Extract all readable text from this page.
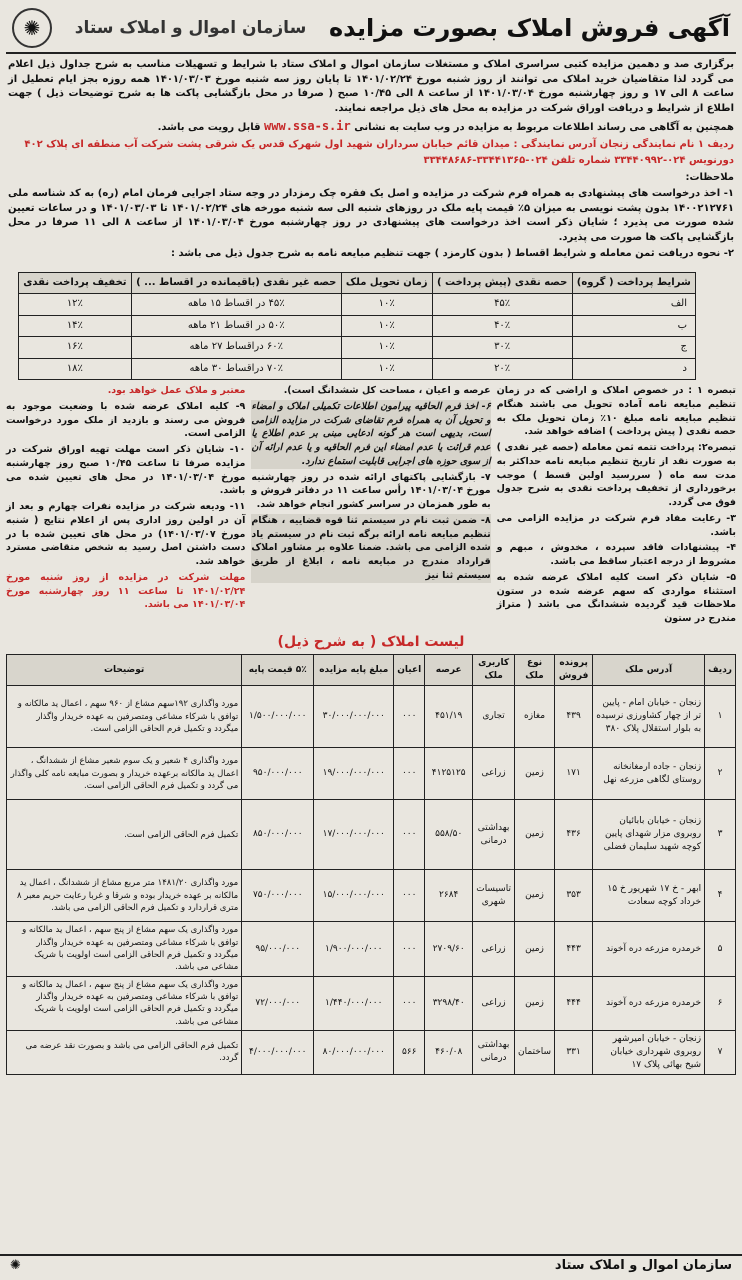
آگهی فروش املاک بصورت مزایده
سازمان اموال و املاک ستاد
✺

برگزاری صد و دهمین مزایده کتبی سراسری املاک و مستغلات سازمان اموال و املاک ستاد با شرایط و تسهیلات مناسب به شرح جداول ذیل اعلام می گردد لذا متقاضیان خرید املاک می توانند از روز شنبه مورخ ۱۴۰۱/۰۲/۲۴ تا پایان روز سه شنبه مورخ ۱۴۰۱/۰۳/۰۳ همه روزه بجز ایام تعطیل از ساعت ۸ الی ۱۷ و روز چهارشنبه مورخ ۱۴۰۱/۰۳/۰۴ از ساعت ۸ الی ۱۰/۴۵ صبح ( صرفا در محل بازگشایی پاکت ها به شرح توضیحات ذیل ) جهت اطلاع از شرایط و دریافت اوراق شرکت در مزایده به محل های ذیل مراجعه نمایند.

همچنین به آگاهی می رساند اطلاعات مربوط به مزایده در وب سایت به نشانی www.ssa-s.ir قابل رویت می باشد.

ردیف ۱ نام نمایندگی زنجان آدرس نمایندگی : میدان قائم خیابان سرداران شهید اول شهرک قدس یک شرقی پشت شرکت آب منطقه ای پلاک ۴۰۲

دورنویس ۰۲۴-۳۳۴۴۰۹۹۲ شماره تلفن ۰۲۴-۳۳۴۴۱۳۶۵-۳۳۴۴۸۶۸۶

ملاحظات:

۱- اخذ درخواست های پیشنهادی به همراه فرم شرکت در مزایده و اصل یک فقره چک رمزدار در وجه ستاد اجرایی فرمان امام (ره) به کد شناسه ملی ۱۴۰۰۲۱۲۷۶۱ بدون پشت نویسی به میزان ۵٪ قیمت پایه ملک در روزهای شنبه الی سه شنبه مورخه های ۱۴۰۱/۰۲/۲۴ تا ۱۴۰۱/۰۳/۰۳ و در ساعات تعیین شده صورت می پذیرد ؛ شایان ذکر است اخذ درخواست های پیشنهادی در روز چهارشنبه مورخ ۱۴۰۱/۰۳/۰۴ از ساعت ۸ الی ۱۱ صرفا در محل بازگشایی پاکت ها صورت می پذیرد.

۲- نحوه دریافت ثمن معامله و شرایط اقساط ( بدون کارمزد ) جهت تنظیم مبایعه نامه به شرح جدول ذیل می باشد :

شرایط پرداخت ( گروه)	حصه نقدی (پیش پرداخت )	زمان تحویل ملک	حصه غیر نقدی (باقیمانده در اقساط ... )	تخفیف پرداخت نقدی
الف	۴۵٪	۱۰٪	۴۵٪ در اقساط ۱۵ ماهه	۱۲٪
ب	۴۰٪	۱۰٪	۵۰٪ در اقساط ۲۱ ماهه	۱۴٪
ج	۳۰٪	۱۰٪	۶۰٪ دراقساط ۲۷ ماهه	۱۶٪
د	۲۰٪	۱۰٪	۷۰٪ دراقساط ۳۰ ماهه	۱۸٪

تبصره ۱ : در خصوص املاک و اراضی که در زمان تنظیم مبایعه نامه آماده تحویل می باشند هنگام تنظیم مبایعه نامه مبلغ ۱۰٪ زمان تحویل ملک به حصه نقدی ( پیش پرداخت ) اضافه خواهد شد.

تبصره۲: پرداخت تتمه ثمن معامله (حصه غیر نقدی ) به صورت نقد از تاریخ تنظیم مبایعه نامه حداکثر به مدت سه ماه ( سررسید اولین قسط ) موجب برخورداری از تخفیف پرداخت نقدی به شرح جدول فوق می گردد.

۳- رعایت مفاد فرم شرکت در مزایده الزامی می باشد.

۴- پیشنهادات فاقد سپرده ، مخدوش ، مبهم و مشروط از درجه اعتبار ساقط می باشد.

۵- شایان ذکر است کلیه املاک عرضه شده به استثناء مواردی که سهم عرضه شده در ستون ملاحظات قید گردیده ششدانگ می باشد ( متراژ مندرج در ستون

عرصه و اعیان ، مساحت کل ششدانگ است).

۶- اخذ فرم الحاقیه پیرامون اطلاعات تکمیلی املاک و امضاء و تحویل آن به همراه فرم تقاضای شرکت در مزایده الزامی است، بدیهی است هر گونه ادعایی مبنی بر عدم اطلاع یا عدم قرائت یا عدم امضاء این فرم الحاقیه و یا عدم ارائه آن از سوی حوزه های اجرایی قابلیت استماع ندارد.

۷- بازگشایی پاکتهای ارائه شده در روز چهارشنبه مورخ ۱۴۰۱/۰۳/۰۴ رأس ساعت ۱۱ در دفاتر فروش و به طور همزمان در سراسر کشور انجام خواهد شد.

۸- ضمن ثبت نام در سیستم ثنا قوه قضاییه ، هنگام تنظیم مبایعه نامه ارائه برگه ثبت نام در سیستم یاد شده الزامی می باشد. ضمنا علاوه بر مشاور املاک قرارداد مندرج در مبایعه نامه ، ابلاغ از طریق سیستم ثنا نیز

معتبر و ملاک عمل خواهد بود.

۹- کلیه املاک عرضه شده با وضعیت موجود به فروش می رسند و بازدید از ملک مورد درخواست الزامی است.

۱۰- شایان ذکر است مهلت تهیه اوراق شرکت در مزایده صرفا تا ساعت ۱۰/۴۵ صبح روز چهارشنبه مورخ ۱۴۰۱/۰۳/۰۴ در محل های تعیین شده می باشد.

۱۱- ودیعه شرکت در مزایده نفرات چهارم و بعد از آن در اولین روز اداری پس از اعلام نتایج ( شنبه مورخ ۱۴۰۱/۰۳/۰۷) در محل های تعیین شده با در دست داشتن اصل رسید به شخص متقاضی مسترد خواهد شد.

مهلت شرکت در مزایده از روز شنبه مورخ ۱۴۰۱/۰۲/۲۴ تا ساعت ۱۱ روز چهارشنبه مورخ ۱۴۰۱/۰۳/۰۴ می باشد.

لیست املاک ( به شرح ذیل)
ردیف	آدرس ملک	پرونده فروش	نوع ملک	کاربری ملک	عرصه	اعیان	مبلغ پایه مزایده	۵٪ قیمت پایه	توضیحات
۱	زنجان - خیابان امام - پایین تر از چهار کشاورزی نرسیده به بلوار استقلال پلاک ۳۸۰	۴۳۹	مغازه	تجاری	۴۵۱/۱۹	۰۰۰	۳۰/۰۰۰/۰۰۰/۰۰۰	۱/۵۰۰/۰۰۰/۰۰۰	مورد واگذاری ۱۹۲سهم مشاع از ۹۶۰ سهم ، اعمال ید مالکانه و توافق با شرکاء مشاعی ومتصرفین به عهده خریدار واگذار میگردد و تکمیل فرم الحاقی الزامی است.
۲	زنجان - جاده ارمغانخانه روستای لگاهی مزرعه نهل	۱۷۱	زمین	زراعی	۴۱۲۵۱۲۵	۰۰۰	۱۹/۰۰۰/۰۰۰/۰۰۰	۹۵۰/۰۰۰/۰۰۰	مورد واگذاری ۴ شعیر و یک سوم شعیر مشاع از ششدانگ ، اعمال ید مالکانه برعهده خریدار و بصورت مبایعه نامه کلی واگذار می گردد و تکمیل فرم الحاقی الزامی است.
۳	زنجان - خیابان بابائیان روبروی مزار شهدای پایین کوچه شهید سلیمان فضلی	۴۳۶	زمین	بهداشتی درمانی	۵۵۸/۵۰	۰۰۰	۱۷/۰۰۰/۰۰۰/۰۰۰	۸۵۰/۰۰۰/۰۰۰	تکمیل فرم الحاقی الزامی است.
۴	ابهر - خ ۱۷ شهریور خ ۱۵ خرداد کوچه سعادت	۳۵۳	زمین	تاسیسات شهری	۲۶۸۴	۰۰۰	۱۵/۰۰۰/۰۰۰/۰۰۰	۷۵۰/۰۰۰/۰۰۰	مورد واگذاری ۱۴۸۱/۲۰ متر مربع مشاع از ششدانگ ، اعمال ید مالکانه بر عهده خریدار بوده و شرقا و غربا رعایت حریم معبر ۸ متری قراردارد و تکمیل فرم الحاقی الزامی می باشد.
۵	خرمدره مزرعه دره آخوند	۴۴۳	زمین	زراعی	۲۷۰۹/۶۰	۰۰۰	۱/۹۰۰/۰۰۰/۰۰۰	۹۵/۰۰۰/۰۰۰	مورد واگذاری یک سهم مشاع از پنج سهم ، اعمال ید مالکانه و توافق با شرکاء مشاعی ومتصرفین به عهده خریدار واگذار میگردد و تکمیل فرم الحاقی الزامی است اولویت با شریک مشاعی می باشد.
۶	خرمدره مزرعه دره آخوند	۴۴۴	زمین	زراعی	۳۲۹۸/۴۰	۰۰۰	۱/۴۴۰/۰۰۰/۰۰۰	۷۲/۰۰۰/۰۰۰	مورد واگذاری یک سهم مشاع از پنج سهم ، اعمال ید مالکانه و توافق با شرکاء مشاعی ومتصرفین به عهده خریدار واگذار میگردد و تکمیل فرم الحاقی الزامی است اولویت با شریک مشاعی می باشد.
۷	زنجان - خیابان امیرشهر روبروی شهرداری خیابان شیخ بهائی پلاک ۱۷	۳۳۱	ساختمان	بهداشتی درمانی	۴۶۰/۰۸	۵۶۶	۸۰/۰۰۰/۰۰۰/۰۰۰	۴/۰۰۰/۰۰۰/۰۰۰	تکمیل فرم الحاقی الزامی می باشد و بصورت نقد عرضه می گردد.
سازمان اموال و املاک ستاد
✺
